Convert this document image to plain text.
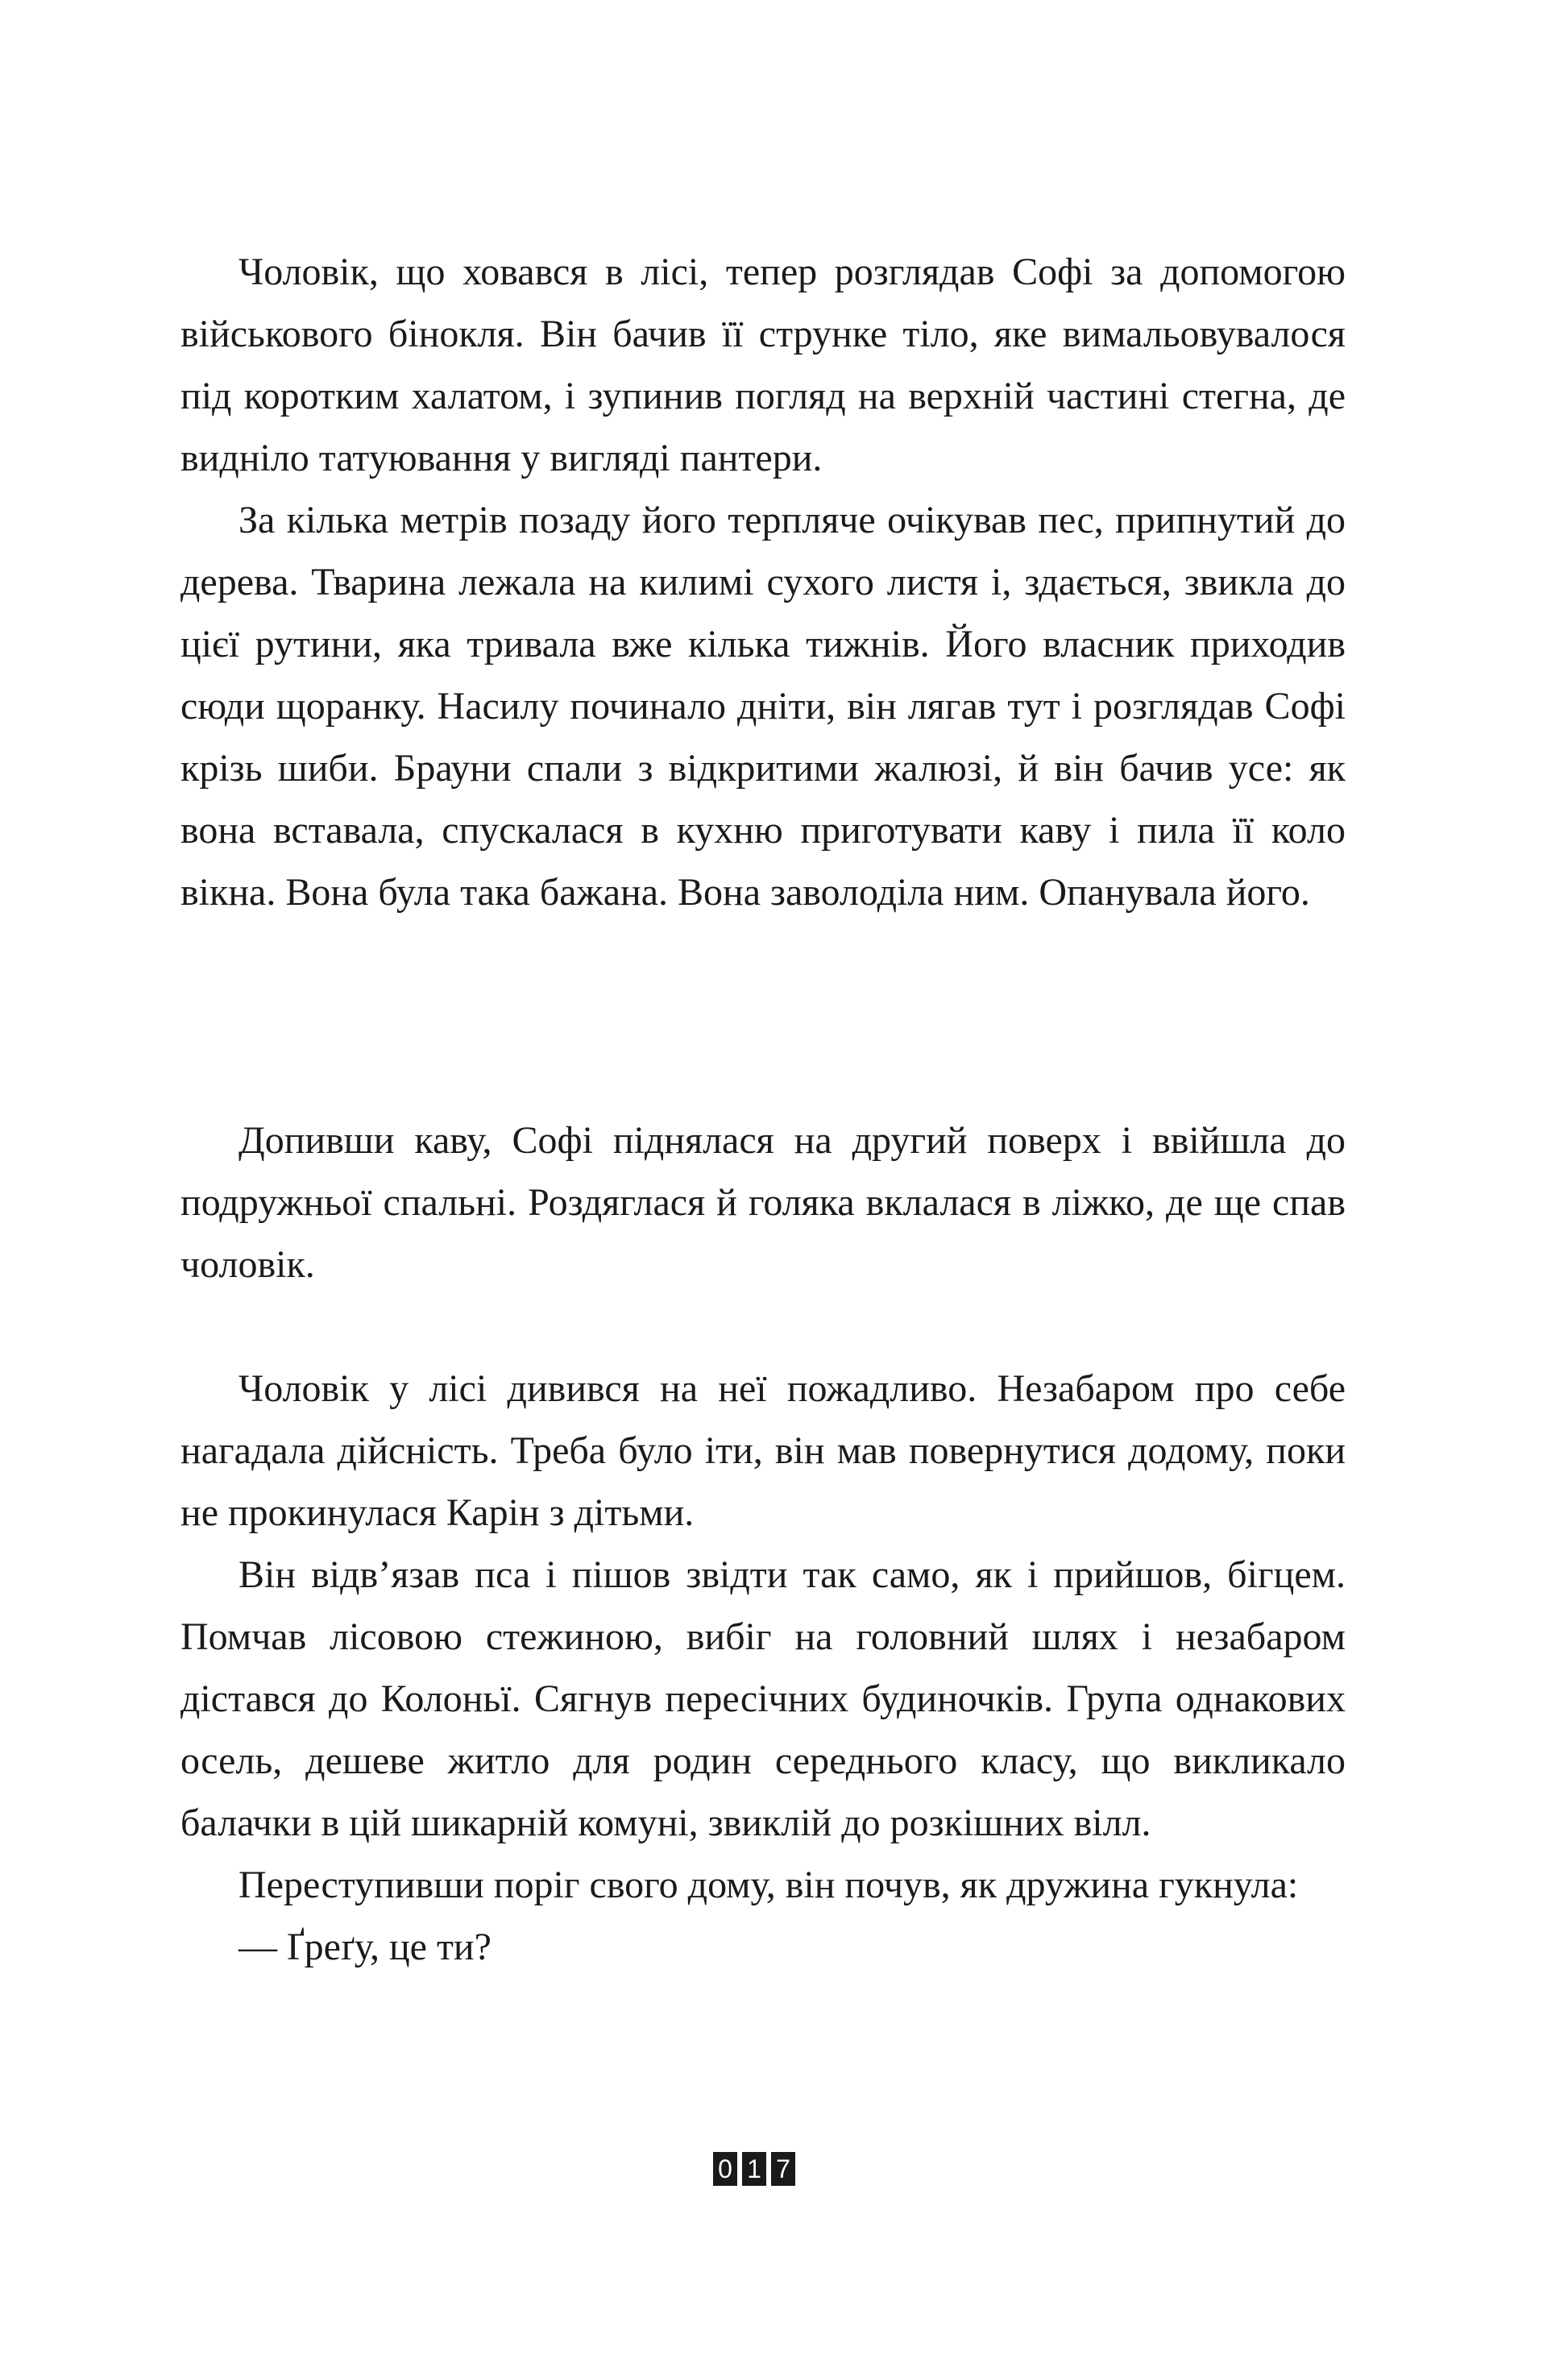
Чоловік, що ховався в лісі, тепер розглядав Софі за допомогою військового бінокля. Він бачив її струнке тіло, яке вимальовувалося під коротким халатом, і зупинив погляд на верхній частині стегна, де видніло татуювання у вигляді пантери.

За кілька метрів позаду його терпляче очікував пес, припнутий до дерева. Тварина лежала на килимі сухого листя і, здається, звикла до цієї рутини, яка тривала вже кілька тижнів. Його власник приходив сюди щоранку. Насилу починало дніти, він лягав тут і розглядав Софі крізь шиби. Брауни спали з відкритими жалюзі, й він бачив усе: як вона вставала, спускалася в кухню приготувати каву і пила її коло вікна. Вона була така бажана. Вона заволоділа ним. Опанувала його.

Допивши каву, Софі піднялася на другий поверх і ввійшла до подружньої спальні. Роздяглася й голяка вклалася в ліжко, де ще спав чоловік.

Чоловік у лісі дивився на неї пожадливо. Незабаром про себе нагадала дійсність. Треба було іти, він мав повернутися додому, поки не прокинулася Карін з дітьми.

Він відв’язав пса і пішов звідти так само, як і прийшов, бігцем. Помчав лісовою стежиною, вибіг на головний шлях і незабаром дістався до Колоньї. Сягнув пересічних будиночків. Група однакових осель, дешеве житло для родин середнього класу, що викликало балачки в цій шикарній комуні, звиклій до розкішних вілл.

Переступивши поріг свого дому, він почув, як дружина гукнула:

— Ґреґу, це ти?

0 1 7
